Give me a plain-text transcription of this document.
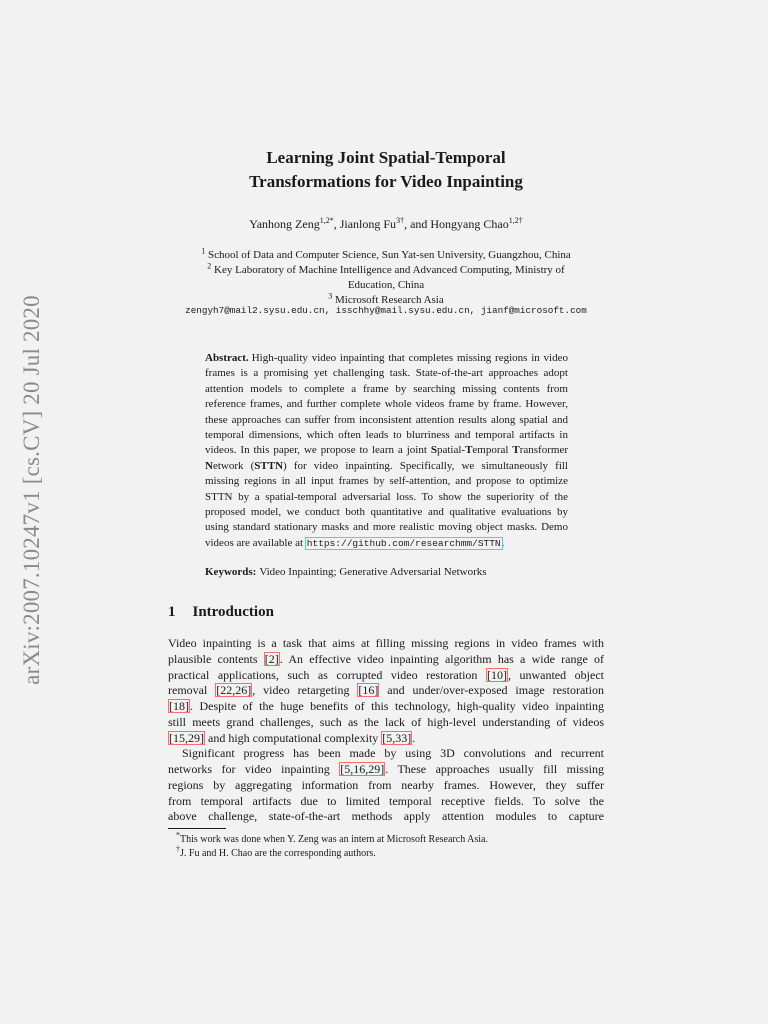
arXiv:2007.10247v1 [cs.CV] 20 Jul 2020
Learning Joint Spatial-Temporal
Transformations for Video Inpainting
Yanhong Zeng$^{1,2*}$, Jianlong $Fu^{3\dagger}$, and Hongyang Chao$^{1,2\dagger}$
$^1$ School of Data and Computer Science, Sun Yat-sen University, Guangzhou, China
$^2$ Key Laboratory of Machine Intelligence and Advanced Computing, Ministry of
Education, China
$^3$ Microsoft Research Asia
zengyh7@mail2.sysu.edu.cn, isschhy@mail.sysu.edu.cn, jianf@microsoft.com
Abstract. High-quality video inpainting that completes missing regions in video frames is a promising yet challenging task. State-of-the-art approaches adopt attention models to complete a frame by searching missing contents from reference frames, and further complete whole videos frame by frame. However, these approaches can suffer from inconsistent attention results along spatial and temporal dimensions, which often leads to blurriness and temporal artifacts in videos. In this paper, we propose to learn a joint Spatial-Temporal Transformer Network (STTN) for video inpainting. Specifically, we simultaneously fill missing regions in all input frames by self-attention, and propose to optimize STTN by a spatial-temporal adversarial loss. To show the superiority of the proposed model, we conduct both quantitative and qualitative evaluations by using standard stationary masks and more realistic moving object masks. Demo videos are available at https://github.com/researchmm/STTN.
Keywords: Video Inpainting; Generative Adversarial Networks
1 Introduction
Video inpainting is a task that aims at filling missing regions in video frames with
plausible contents [2]. An effective video inpainting algorithm has a wide range of
practical applications, such as corrupted video restoration [10], unwanted object
removal [22,26], video retargeting [16] and under/over-exposed image restoration
[18]. Despite of the huge benefits of this technology, high-quality video inpainting
still meets grand challenges, such as the lack of high-level understanding of videos
[15,29] and high computational complexity [5,33].
Significant progress has been made by using 3D convolutions and recurrent
networks for video inpainting [5,16,29]. These approaches usually fill missing
regions by aggregating information from nearby frames. However, they suffer
from temporal artifacts due to limited temporal receptive fields. To solve the
above challenge, state-of-the-art methods apply attention modules to capture
*This work was done when Y. Zeng was an intern at Microsoft Research Asia.
†J. Fu and H. Chao are the corresponding authors.
